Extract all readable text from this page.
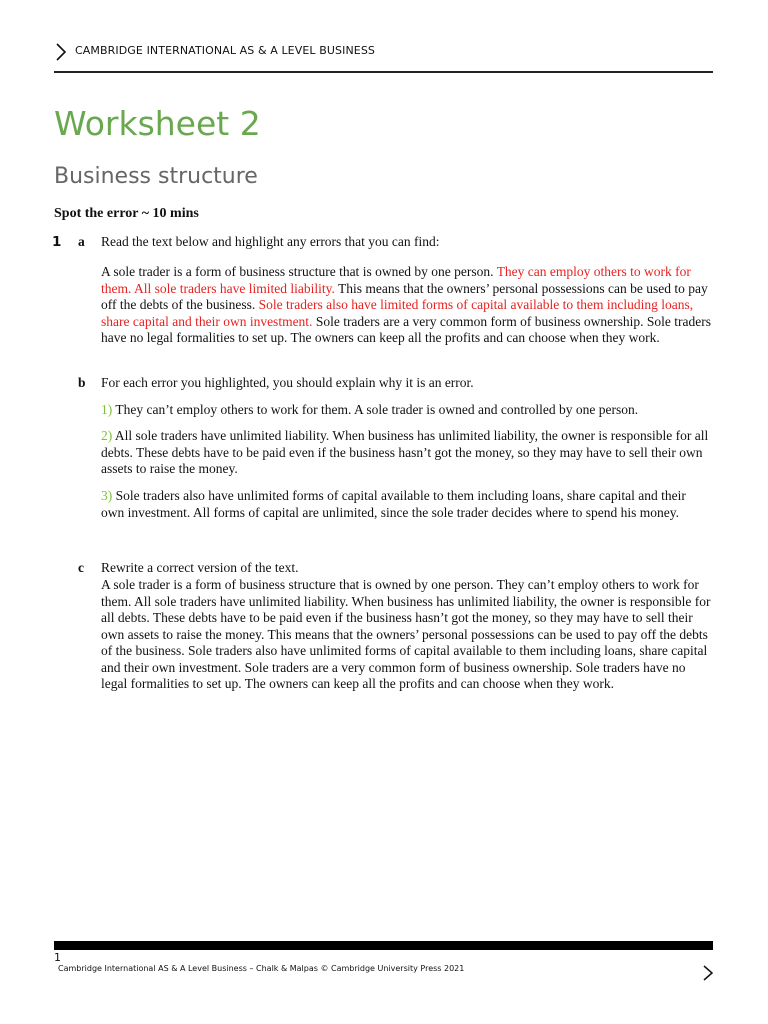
CAMBRIDGE INTERNATIONAL AS & A LEVEL BUSINESS
Worksheet 2
Business structure
Spot the error ~ 10 mins
1 a Read the text below and highlight any errors that you can find:
A sole trader is a form of business structure that is owned by one person. They can employ others to work for them. All sole traders have limited liability. This means that the owners’ personal possessions can be used to pay off the debts of the business. Sole traders also have limited forms of capital available to them including loans, share capital and their own investment. Sole traders are a very common form of business ownership. Sole traders have no legal formalities to set up. The owners can keep all the profits and can choose when they work.
b For each error you highlighted, you should explain why it is an error.
1) They can’t employ others to work for them. A sole trader is owned and controlled by one person.
2) All sole traders have unlimited liability. When business has unlimited liability, the owner is responsible for all debts. These debts have to be paid even if the business hasn’t got the money, so they may have to sell their own assets to raise the money.
3) Sole traders also have unlimited forms of capital available to them including loans, share capital and their own investment. All forms of capital are unlimited, since the sole trader decides where to spend his money.
c Rewrite a correct version of the text.
A sole trader is a form of business structure that is owned by one person. They can’t employ others to work for them. All sole traders have unlimited liability. When business has unlimited liability, the owner is responsible for all debts. These debts have to be paid even if the business hasn’t got the money, so they may have to sell their own assets to raise the money. This means that the owners’ personal possessions can be used to pay off the debts of the business. Sole traders also have unlimited forms of capital available to them including loans, share capital and their own investment. Sole traders are a very common form of business ownership. Sole traders have no legal formalities to set up. The owners can keep all the profits and can choose when they work.
1
Cambridge International AS & A Level Business – Chalk & Malpas © Cambridge University Press 2021
